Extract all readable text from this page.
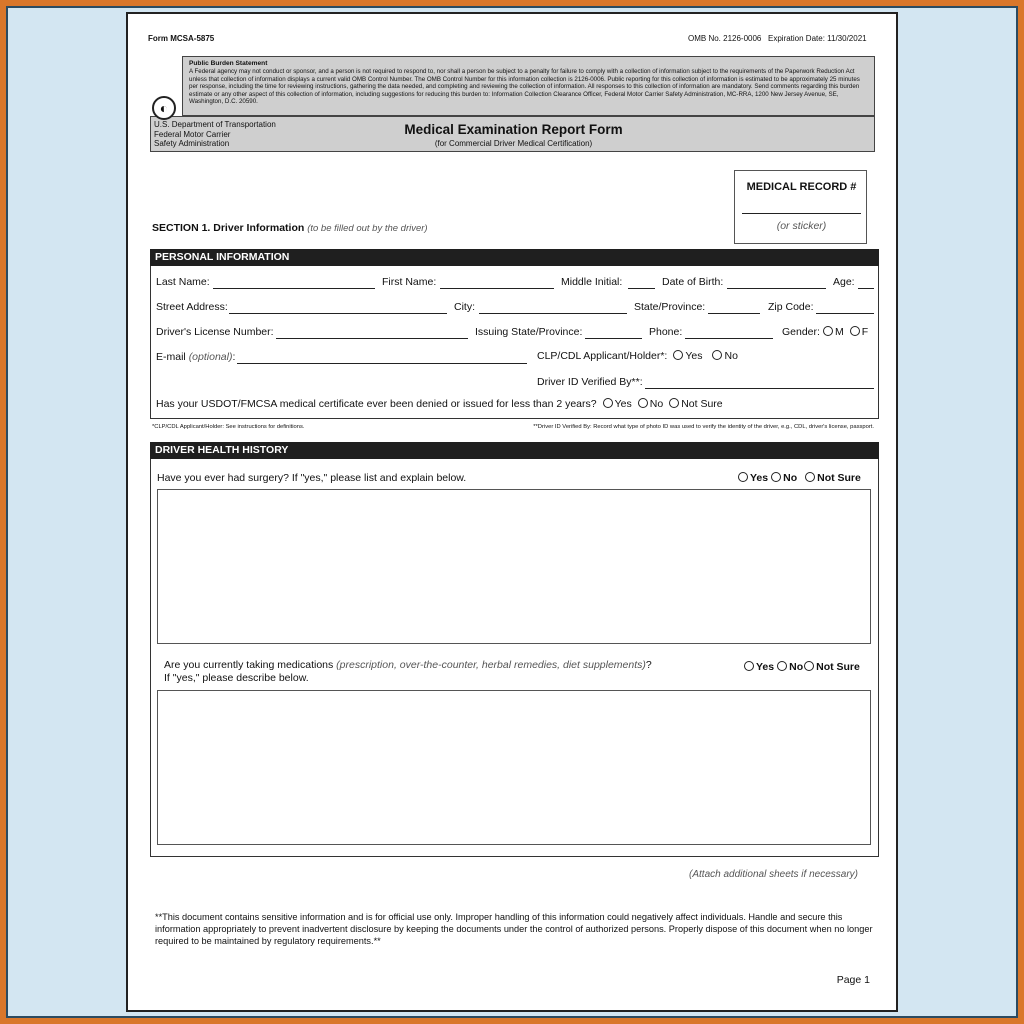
Form MCSA-5875	OMB No. 2126-0006 Expiration Date: 11/30/2021
Public Burden Statement
A Federal agency may not conduct or sponsor, and a person is not required to respond to, nor shall a person be subject to a penalty for failure to comply with a collection of information subject to the requirements of the Paperwork Reduction Act unless that collection of information displays a current valid OMB Control Number. The OMB Control Number for this information collection is 2126-0006. Public reporting for this collection of information is estimated to be approximately 25 minutes per response, including the time for reviewing instructions, gathering the data needed, and completing and reviewing the collection of information. All responses to this collection of information are mandatory. Send comments regarding this burden estimate or any other aspect of this collection of information, including suggestions for reducing this burden to: Information Collection Clearance Officer, Federal Motor Carrier Safety Administration, MC-RRA, 1200 New Jersey Avenue, SE, Washington, D.C. 20590.
U.S. Department of Transportation
Federal Motor Carrier
Safety Administration
Medical Examination Report Form
(for Commercial Driver Medical Certification)
◐
MEDICAL RECORD #
(or sticker)
SECTION 1. Driver Information (to be filled out by the driver)
PERSONAL INFORMATION
Last Name:	First Name:	Middle Initial:	Date of Birth:	Age:
Street Address:	City:	State/Province:	Zip Code:
Driver's License Number:	Issuing State/Province:	Phone:	Gender: M F
E-mail (optional):	CLP/CDL Applicant/Holder*: Yes No
Driver ID Verified By**:
Has your USDOT/FMCSA medical certificate ever been denied or issued for less than 2 years? Yes No Not Sure
*CLP/CDL Applicant/Holder: See instructions for definitions.	**Driver ID Verified By: Record what type of photo ID was used to verify the identity of the driver, e.g., CDL, driver's license, passport.
DRIVER HEALTH HISTORY
Have you ever had surgery? If "yes," please list and explain below.	Yes No Not Sure
Are you currently taking medications (prescription, over-the-counter, herbal remedies, diet supplements)?
If "yes," please describe below.
Yes No Not Sure
(Attach additional sheets if necessary)
**This document contains sensitive information and is for official use only. Improper handling of this information could negatively affect individuals. Handle and secure this information appropriately to prevent inadvertent disclosure by keeping the documents under the control of authorized persons. Properly dispose of this document when no longer required to be maintained by regulatory requirements.**
Page 1
